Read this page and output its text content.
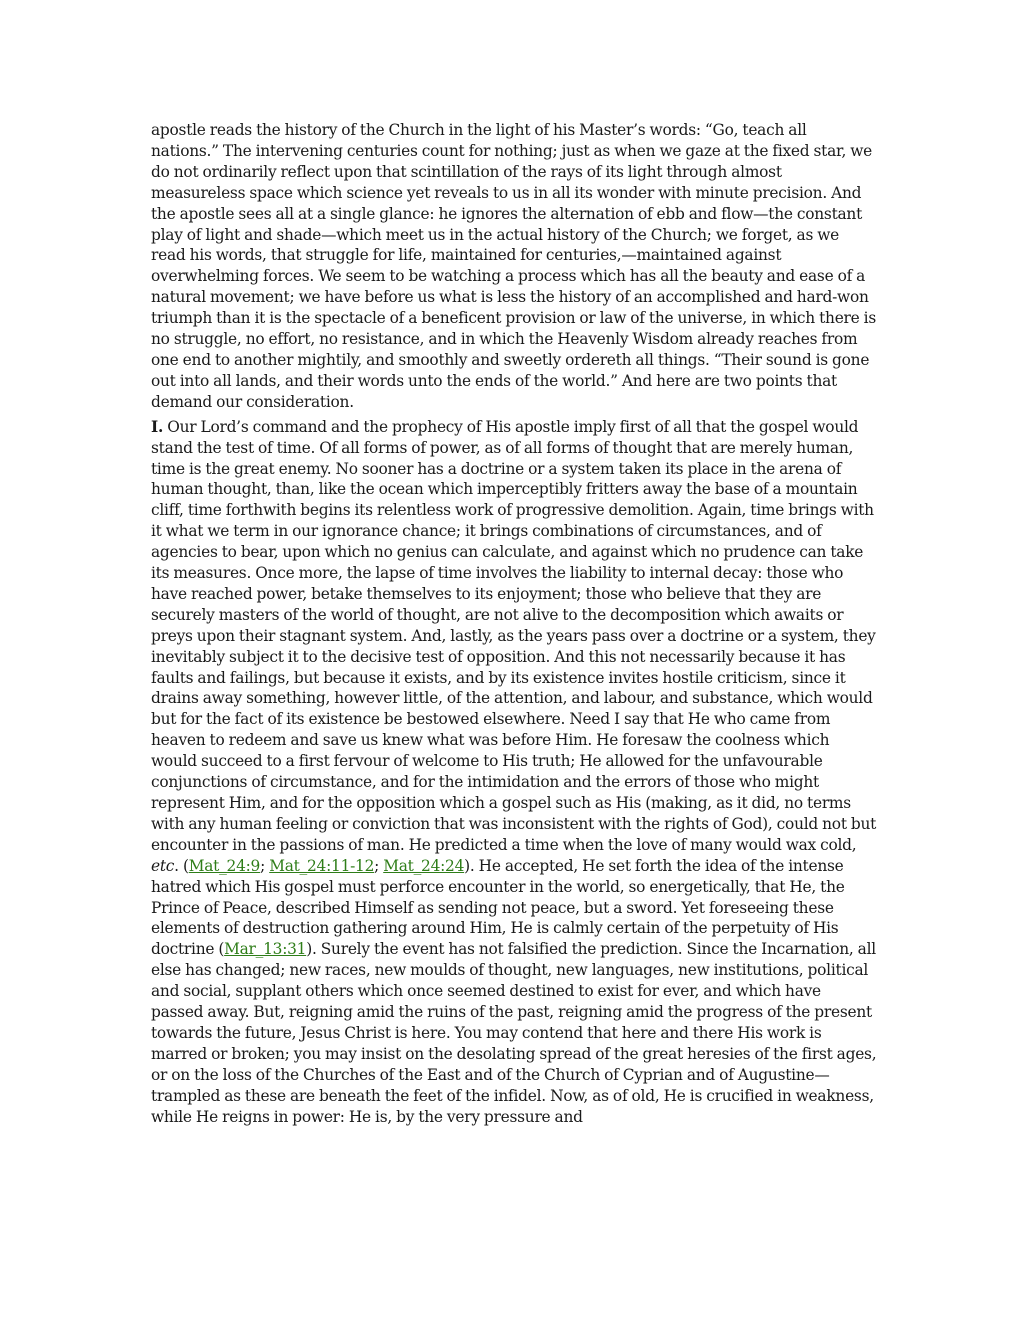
apostle reads the history of the Church in the light of his Master’s words: “Go, teach all nations.” The intervening centuries count for nothing; just as when we gaze at the fixed star, we do not ordinarily reflect upon that scintillation of the rays of its light through almost measureless space which science yet reveals to us in all its wonder with minute precision. And the apostle sees all at a single glance: he ignores the alternation of ebb and flow—the constant play of light and shade—which meet us in the actual history of the Church; we forget, as we read his words, that struggle for life, maintained for centuries,—maintained against overwhelming forces. We seem to be watching a process which has all the beauty and ease of a natural movement; we have before us what is less the history of an accomplished and hard-won triumph than it is the spectacle of a beneficent provision or law of the universe, in which there is no struggle, no effort, no resistance, and in which the Heavenly Wisdom already reaches from one end to another mightily, and smoothly and sweetly ordereth all things. “Their sound is gone out into all lands, and their words unto the ends of the world.” And here are two points that demand our consideration.

I. Our Lord’s command and the prophecy of His apostle imply first of all that the gospel would stand the test of time. Of all forms of power, as of all forms of thought that are merely human, time is the great enemy. No sooner has a doctrine or a system taken its place in the arena of human thought, than, like the ocean which imperceptibly fritters away the base of a mountain cliff, time forthwith begins its relentless work of progressive demolition. Again, time brings with it what we term in our ignorance chance; it brings combinations of circumstances, and of agencies to bear, upon which no genius can calculate, and against which no prudence can take its measures. Once more, the lapse of time involves the liability to internal decay: those who have reached power, betake themselves to its enjoyment; those who believe that they are securely masters of the world of thought, are not alive to the decomposition which awaits or preys upon their stagnant system. And, lastly, as the years pass over a doctrine or a system, they inevitably subject it to the decisive test of opposition. And this not necessarily because it has faults and failings, but because it exists, and by its existence invites hostile criticism, since it drains away something, however little, of the attention, and labour, and substance, which would but for the fact of its existence be bestowed elsewhere. Need I say that He who came from heaven to redeem and save us knew what was before Him. He foresaw the coolness which would succeed to a first fervour of welcome to His truth; He allowed for the unfavourable conjunctions of circumstance, and for the intimidation and the errors of those who might represent Him, and for the opposition which a gospel such as His (making, as it did, no terms with any human feeling or conviction that was inconsistent with the rights of God), could not but encounter in the passions of man. He predicted a time when the love of many would wax cold, etc. (Mat_24:9; Mat_24:11-12; Mat_24:24). He accepted, He set forth the idea of the intense hatred which His gospel must perforce encounter in the world, so energetically, that He, the Prince of Peace, described Himself as sending not peace, but a sword. Yet foreseeing these elements of destruction gathering around Him, He is calmly certain of the perpetuity of His doctrine (Mar_13:31). Surely the event has not falsified the prediction. Since the Incarnation, all else has changed; new races, new moulds of thought, new languages, new institutions, political and social, supplant others which once seemed destined to exist for ever, and which have passed away. But, reigning amid the ruins of the past, reigning amid the progress of the present towards the future, Jesus Christ is here. You may contend that here and there His work is marred or broken; you may insist on the desolating spread of the great heresies of the first ages, or on the loss of the Churches of the East and of the Church of Cyprian and of Augustine—trampled as these are beneath the feet of the infidel. Now, as of old, He is crucified in weakness, while He reigns in power: He is, by the very pressure and
